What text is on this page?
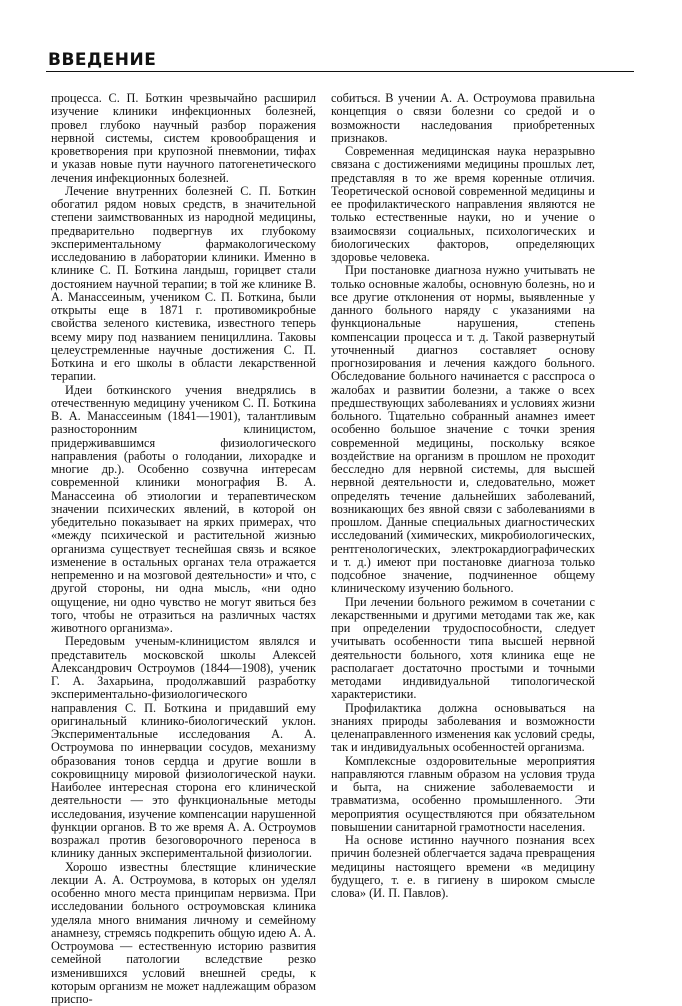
ВВЕДЕНИЕ

процесса. С. П. Боткин чрезвычайно расширил изучение клиники инфекционных болезней, провел глубоко научный разбор поражения нервной системы, систем кровообращения и кроветворения при крупозной пневмонии, тифах и указав новые пути научного патогенетического лечения инфекционных болезней.

Лечение внутренних болезней С. П. Боткин обогатил рядом новых средств, в значительной степени заимствованных из народной медицины, предварительно подвергнув их глубокому экспериментальному фармакологическому исследованию в лаборатории клиники. Именно в клинике С. П. Боткина ландыш, горицвет стали достоянием научной терапии; в той же клинике В. А. Манассеиным, учеником С. П. Боткина, были открыты еще в 1871 г. противомикробные свойства зеленого кистевика, известного теперь всему миру под названием пенициллина. Таковы целеустремленные научные достижения С. П. Боткина и его школы в области лекарственной терапии.

Идеи боткинского учения внедрялись в отечественную медицину учеником С. П. Боткина В. А. Манассеиным (1841—1901), талантливым разносторонним клиницистом, придерживавшимся физиологического направления (работы о голодании, лихорадке и многие др.). Особенно созвучна интересам современной клиники монография В. А. Манассеина об этиологии и терапевтическом значении психических явлений, в которой он убедительно показывает на ярких примерах, что «между психической и растительной жизнью организма существует теснейшая связь и всякое изменение в остальных органах тела отражается непременно и на мозговой деятельности» и что, с другой стороны, ни одна мысль, «ни одно ощущение, ни одно чувство не могут явиться без того, чтобы не отразиться на различных частях животного организма».

Передовым ученым-клиницистом являлся и представитель московской школы Алексей Александрович Остроумов (1844—1908), ученик Г. А. Захарьина, продолжавший разработку экспериментально-физиологического направления С. П. Боткина и придавший ему оригинальный клинико-биологический уклон. Экспериментальные исследования А. А. Остроумова по иннервации сосудов, механизму образования тонов сердца и другие вошли в сокровищницу мировой физиологической науки. Наиболее интересная сторона его клинической деятельности — это функциональные методы исследования, изучение компенсации нарушенной функции органов. В то же время А. А. Остроумов возражал против безоговорочного переноса в клинику данных экспериментальной физиологии.

Хорошо известны блестящие клинические лекции А. А. Остроумова, в которых он уделял особенно много места принципам нервизма. При исследовании больного остроумовская клиника уделяла много внимания личному и семейному анамнезу, стремясь подкрепить общую идею А. А. Остроумова — естественную историю развития семейной патологии вследствие резко изменившихся условий внешней среды, к которым организм не может надлежащим образом приспо-

собиться. В учении А. А. Остроумова правильна концепция о связи болезни со средой и о возможности наследования приобретенных признаков.

Современная медицинская наука неразрывно связана с достижениями медицины прошлых лет, представляя в то же время коренные отличия. Теоретической основой современной медицины и ее профилактического направления являются не только естественные науки, но и учение о взаимосвязи социальных, психологических и биологических факторов, определяющих здоровье человека.

При постановке диагноза нужно учитывать не только основные жалобы, основную болезнь, но и все другие отклонения от нормы, выявленные у данного больного наряду с указаниями на функциональные нарушения, степень компенсации процесса и т. д. Такой развернутый уточненный диагноз составляет основу прогнозирования и лечения каждого больного. Обследование больного начинается с расспроса о жалобах и развитии болезни, а также о всех предшествующих заболеваниях и условиях жизни больного. Тщательно собранный анамнез имеет особенно большое значение с точки зрения современной медицины, поскольку всякое воздействие на организм в прошлом не проходит бесследно для нервной системы, для высшей нервной деятельности и, следовательно, может определять течение дальнейших заболеваний, возникающих без явной связи с заболеваниями в прошлом. Данные специальных диагностических исследований (химических, микробиологических, рентгенологических, электрокардиографических и т. д.) имеют при постановке диагноза только подсобное значение, подчиненное общему клиническому изучению больного.

При лечении больного режимом в сочетании с лекарственными и другими методами так же, как при определении трудоспособности, следует учитывать особенности типа высшей нервной деятельности больного, хотя клиника еще не располагает достаточно простыми и точными методами индивидуальной типологической характеристики.

Профилактика должна основываться на знаниях природы заболевания и возможности целенаправленного изменения как условий среды, так и индивидуальных особенностей организма.

Комплексные оздоровительные мероприятия направляются главным образом на условия труда и быта, на снижение заболеваемости и травматизма, особенно промышленного. Эти мероприятия осуществляются при обязательном повышении санитарной грамотности населения.

На основе истинно научного познания всех причин болезней облегчается задача превращения медицины настоящего времени «в медицину будущего, т. е. в гигиену в широком смысле слова» (И. П. Павлов).
